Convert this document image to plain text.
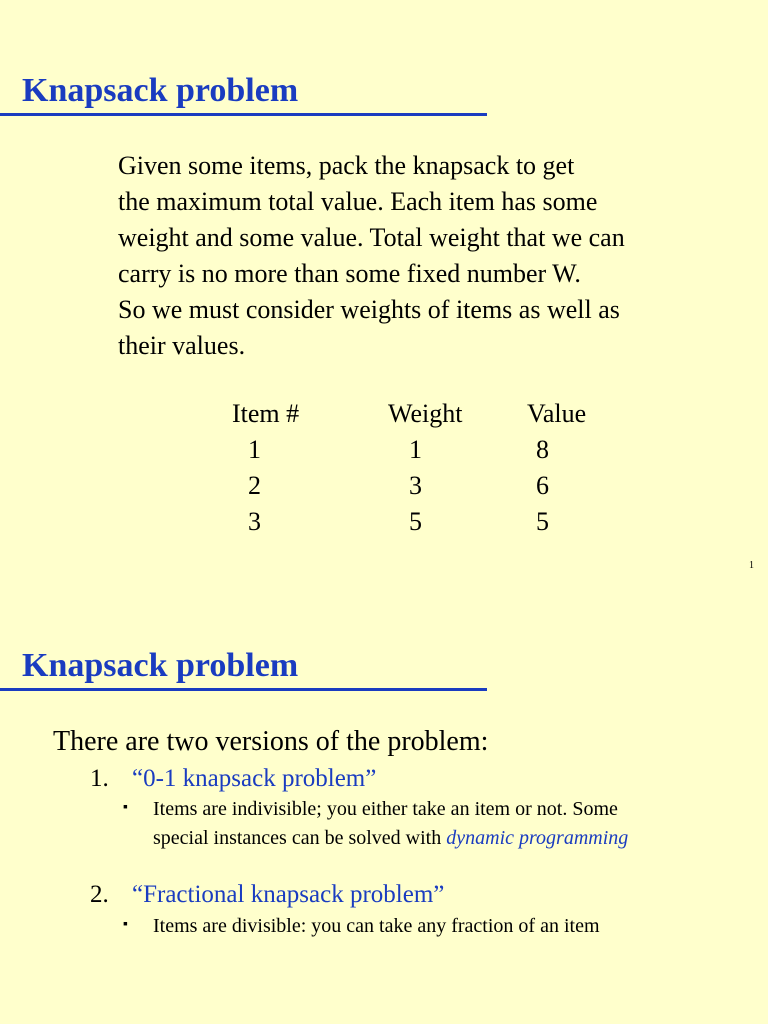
Knapsack problem

Given some items, pack the knapsack to get
the maximum total value. Each item has some
weight and some value. Total weight that we can
carry is no more than some fixed number W.
So we must consider weights of items as well as
their values.

Item #	Weight	Value
1	1	8
2	3	6
3	5	5
1
Knapsack problem

There are two versions of the problem:

1. “0-1 knapsack problem”
▪ Items are indivisible; you either take an item or not. Some
special instances can be solved with dynamic programming
2. “Fractional knapsack problem”
▪ Items are divisible: you can take any fraction of an item
